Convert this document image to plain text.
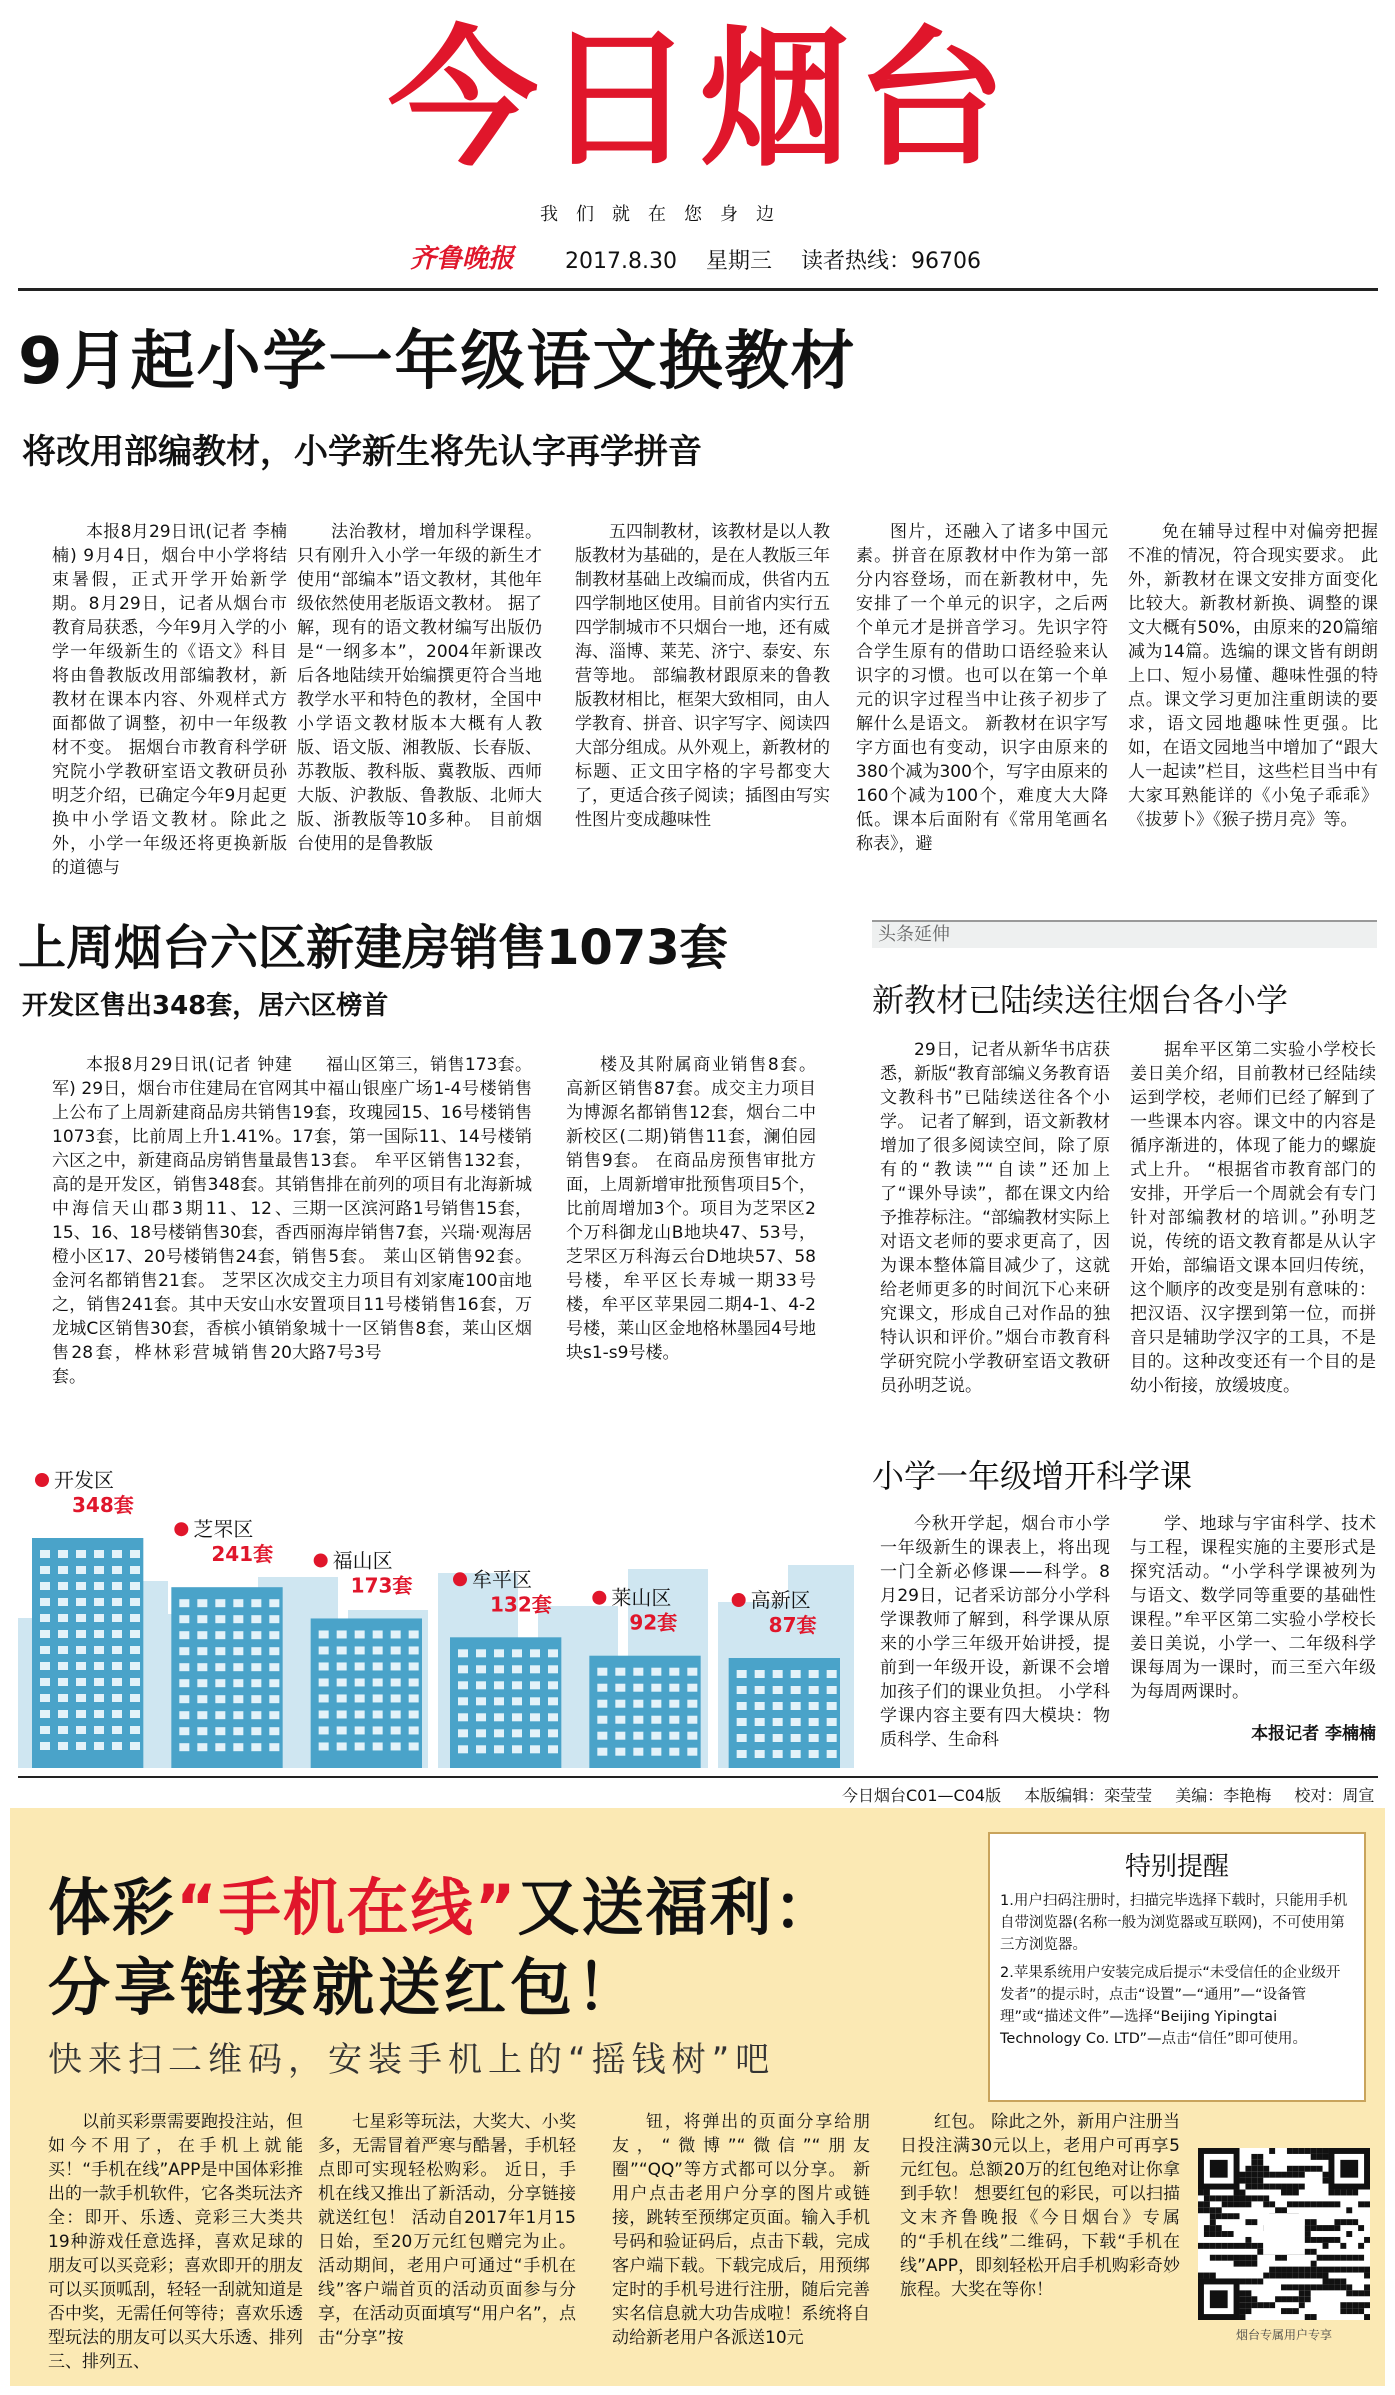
今日烟台
我们就在您身边
齐鲁晚报 2017.8.30 星期三 读者热线：96706
9月起小学一年级语文换教材
将改用部编教材，小学新生将先认字再学拼音

本报8月29日讯(记者 李楠楠) 9月4日，烟台中小学将结束暑假，正式开学开始新学期。8月29日，记者从烟台市教育局获悉，今年9月入学的小学一年级新生的《语文》科目将由鲁教版改用部编教材，新教材在课本内容、外观样式方面都做了调整，初中一年级教材不变。 据烟台市教育科学研究院小学教研室语文教研员孙明芝介绍，已确定今年9月起更换中小学语文教材。除此之外，小学一年级还将更换新版的道德与

法治教材，增加科学课程。只有刚升入小学一年级的新生才使用“部编本”语文教材，其他年级依然使用老版语文教材。 据了解，现有的语文教材编写出版仍是“一纲多本”，2004年新课改后各地陆续开始编撰更符合当地教学水平和特色的教材，全国中小学语文教材版本大概有人教版、语文版、湘教版、长春版、苏教版、教科版、冀教版、西师大版、沪教版、鲁教版、北师大版、浙教版等10多种。 目前烟台使用的是鲁教版

五四制教材，该教材是以人教版教材为基础的，是在人教版三年制教材基础上改编而成，供省内五四学制地区使用。目前省内实行五四学制城市不只烟台一地，还有威海、淄博、莱芜、济宁、泰安、东营等地。 部编教材跟原来的鲁教版教材相比，框架大致相同，由人学教育、拼音、识字写字、阅读四大部分组成。从外观上，新教材的标题、正文田字格的字号都变大了，更适合孩子阅读；插图由写实性图片变成趣味性

图片，还融入了诸多中国元素。拼音在原教材中作为第一部分内容登场，而在新教材中，先安排了一个单元的识字，之后两个单元才是拼音学习。先识字符合学生原有的借助口语经验来认识字的习惯。也可以在第一个单元的识字过程当中让孩子初步了解什么是语文。 新教材在识字写字方面也有变动，识字由原来的380个减为300个，写字由原来的160个减为100个，难度大大降低。课本后面附有《常用笔画名称表》，避

免在辅导过程中对偏旁把握不准的情况，符合现实要求。 此外，新教材在课文安排方面变化比较大。新教材新换、调整的课文大概有50%，由原来的20篇缩减为14篇。选编的课文皆有朗朗上口、短小易懂、趣味性强的特点。课文学习更加注重朗读的要求，语文园地趣味性更强。比如，在语文园地当中增加了“跟大人一起读”栏目，这些栏目当中有大家耳熟能详的《小兔子乖乖》《拔萝卜》《猴子捞月亮》等。

上周烟台六区新建房销售1073套
开发区售出348套，居六区榜首

本报8月29日讯(记者 钟建军) 29日，烟台市住建局在官网上公布了上周新建商品房共销售1073套，比前周上升1.41%。六区之中，新建商品房销售量最高的是开发区，销售348套。其中海信天山郡3期11、12、15、16、18号楼销售30套，香橙小区17、20号楼销售24套，金河名都销售21套。 芝罘区次之，销售241套。其中天安山水龙城C区销售30套，香槟小镇销售28套，桦林彩营城销售20套。

福山区第三，销售173套。其中福山银座广场1-4号楼销售19套，玫瑰园15、16号楼销售17套，第一国际11、14号楼销售13套。 牟平区销售132套，销售排在前列的项目有北海新城三期一区滨河路1号销售15套，西丽海岸销售7套，兴瑞·观海居销售5套。 莱山区销售92套。成交主力项目有刘家庵100亩地安置项目11号楼销售16套，万象城十一区销售8套，莱山区烟大路7号3号

楼及其附属商业销售8套。 高新区销售87套。成交主力项目为博源名都销售12套，烟台二中新校区(二期)销售11套，澜伯园销售9套。 在商品房预售审批方面，上周新增审批预售项目5个，比前周增加3个。项目为芝罘区2个万科御龙山B地块47、53号，芝罘区万科海云台D地块57、58号楼，牟平区长寿城一期33号楼，牟平区苹果园二期4-1、4-2号楼，莱山区金地格林墨园4号地块s1-s9号楼。

开发区
348套
芝罘区
241套	福山区
173套	牟平区
132套	莱山区
92套
高新区
87套
头条延伸
新教材已陆续送往烟台各小学

29日，记者从新华书店获悉，新版“教育部编义务教育语文教科书”已陆续送往各个小学。 记者了解到，语文新教材增加了很多阅读空间，除了原有的“教读”“自读”还加上了“课外导读”，都在课文内给予推荐标注。“部编教材实际上对语文老师的要求更高了，因为课本整体篇目减少了，这就给老师更多的时间沉下心来研究课文，形成自己对作品的独特认识和评价。”烟台市教育科学研究院小学教研室语文教研员孙明芝说。

据牟平区第二实验小学校长姜日美介绍，目前教材已经陆续运到学校，老师们已经了解到了一些课本内容。课文中的内容是循序渐进的，体现了能力的螺旋式上升。 “根据省市教育部门的安排，开学后一个周就会有专门针对部编教材的培训。”孙明芝说，传统的语文教育都是从认字开始，部编语文课本回归传统，这个顺序的改变是别有意味的：把汉语、汉字摆到第一位，而拼音只是辅助学汉字的工具，不是目的。这种改变还有一个目的是幼小衔接，放缓坡度。

小学一年级增开科学课

今秋开学起，烟台市小学一年级新生的课表上，将出现一门全新必修课——科学。8月29日，记者采访部分小学科学课教师了解到，科学课从原来的小学三年级开始讲授，提前到一年级开设，新课不会增加孩子们的课业负担。 小学科学课内容主要有四大模块：物质科学、生命科

学、地球与宇宙科学、技术与工程，课程实施的主要形式是探究活动。“小学科学课被列为与语文、数学同等重要的基础性课程。”牟平区第二实验小学校长姜日美说，小学一、二年级科学课每周为一课时，而三至六年级为每周两课时。

本报记者 李楠楠
今日烟台C01—C04版 本版编辑：栾莹莹 美编：李艳梅 校对：周宣
体彩“手机在线”又送福利：
分享链接就送红包！
快来扫二维码，安装手机上的“摇钱树”吧
特别提醒
1.用户扫码注册时，扫描完毕选择下载时，只能用手机自带浏览器(名称一般为浏览器或互联网)，不可使用第三方浏览器。
2.苹果系统用户安装完成后提示“未受信任的企业级开发者”的提示时，点击“设置”—“通用”—“设备管理”或“描述文件”—选择“Beijing Yipingtai Technology Co. LTD”—点击“信任”即可使用。

以前买彩票需要跑投注站，但如今不用了，在手机上就能买！“手机在线”APP是中国体彩推出的一款手机软件，它各类玩法齐全：即开、乐透、竞彩三大类共19种游戏任意选择，喜欢足球的朋友可以买竞彩；喜欢即开的朋友可以买顶呱刮，轻轻一刮就知道是否中奖，无需任何等待；喜欢乐透型玩法的朋友可以买大乐透、排列三、排列五、

七星彩等玩法，大奖大、小奖多，无需冒着严寒与酷暑，手机轻点即可实现轻松购彩。 近日，手机在线又推出了新活动，分享链接就送红包！ 活动自2017年1月15日始，至20万元红包赠完为止。活动期间，老用户可通过“手机在线”客户端首页的活动页面参与分享，在活动页面填写“用户名”，点击“分享”按

钮，将弹出的页面分享给朋友，“微博”“微信”“朋友圈”“QQ”等方式都可以分享。 新用户点击老用户分享的图片或链接，跳转至预绑定页面。输入手机号码和验证码后，点击下载，完成客户端下载。下载完成后，用预绑定时的手机号进行注册，随后完善实名信息就大功告成啦！系统将自动给新老用户各派送10元

红包。 除此之外，新用户注册当日投注满30元以上，老用户可再享5元红包。总额20万的红包绝对让你拿到手软！ 想要红包的彩民，可以扫描文末齐鲁晚报《今日烟台》专属的“手机在线”二维码，下载“手机在线”APP，即刻轻松开启手机购彩奇妙旅程。大奖在等你！

烟台专属用户专享
